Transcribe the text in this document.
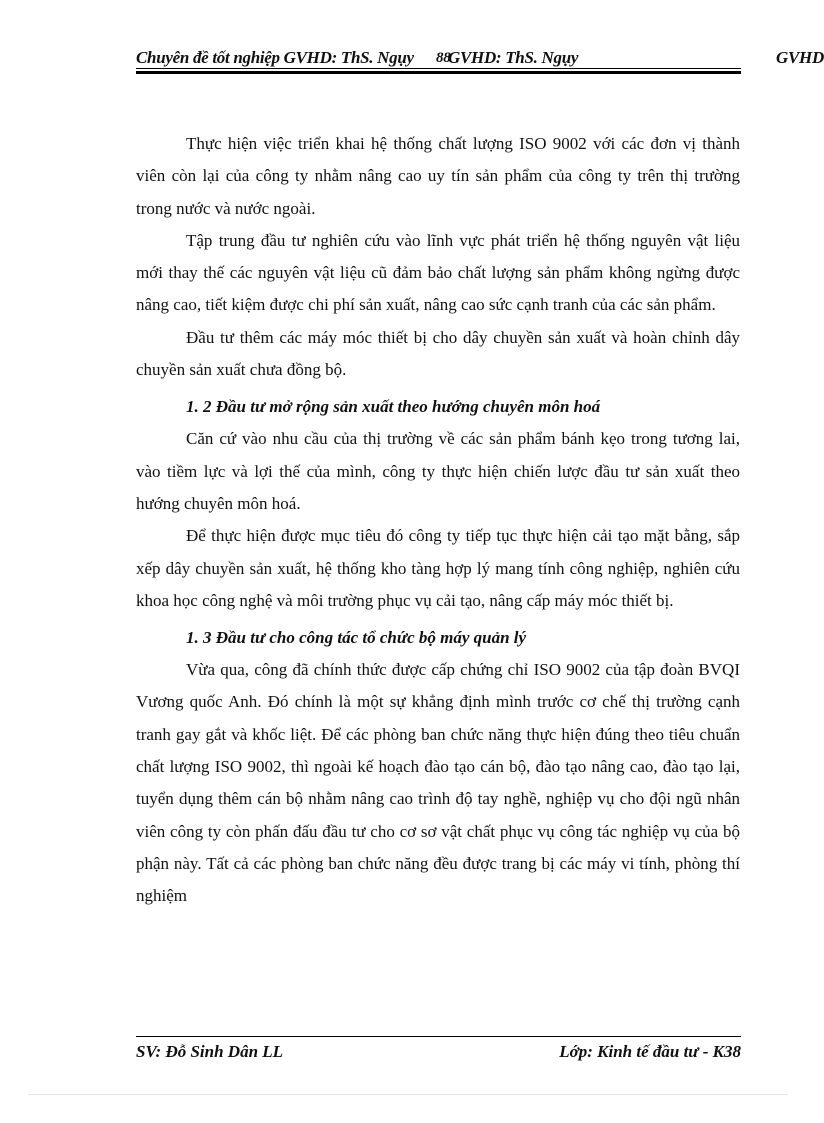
Chuyên đề tốt nghiệp GVHD: ThS. Ngụy 88
GVHD: ThS. Ngụy	GVHD

Thực hiện việc triển khai hệ thống chất lượng ISO 9002 với các đơn vị thành viên còn lại của công ty nhằm nâng cao uy tín sản phẩm của công ty trên thị trường trong nước và nước ngoài.

Tập trung đầu tư nghiên cứu vào lĩnh vực phát triển hệ thống nguyên vật liệu mới thay thế các nguyên vật liệu cũ đảm bảo chất lượng sản phẩm không ngừng được nâng cao, tiết kiệm được chi phí sản xuất, nâng cao sức cạnh tranh của các sản phẩm.

Đầu tư thêm các máy móc thiết bị cho dây chuyền sản xuất và hoàn chỉnh dây chuyền sản xuất chưa đồng bộ.

1. 2 Đầu tư mở rộng sản xuất theo hướng chuyên môn hoá

Căn cứ vào nhu cầu của thị trường về các sản phẩm bánh kẹo trong tương lai, vào tiềm lực và lợi thế của mình, công ty thực hiện chiến lược đầu tư sản xuất theo hướng chuyên môn hoá.

Để thực hiện được mục tiêu đó công ty tiếp tục thực hiện cải tạo mặt bằng, sắp xếp dây chuyền sản xuất, hệ thống kho tàng hợp lý mang tính công nghiệp, nghiên cứu khoa học công nghệ và môi trường phục vụ cải tạo, nâng cấp máy móc thiết bị.

1. 3 Đầu tư cho công tác tổ chức bộ máy quản lý

Vừa qua, công đã chính thức được cấp chứng chỉ ISO 9002 của tập đoàn BVQI Vương quốc Anh. Đó chính là một sự khẳng định mình trước cơ chế thị trường cạnh tranh gay gắt và khốc liệt. Để các phòng ban chức năng thực hiện đúng theo tiêu chuẩn chất lượng ISO 9002, thì ngoài kế hoạch đào tạo cán bộ, đào tạo nâng cao, đào tạo lại, tuyển dụng thêm cán bộ nhằm nâng cao trình độ tay nghề, nghiệp vụ cho đội ngũ nhân viên công ty còn phấn đấu đầu tư cho cơ sơ vật chất phục vụ công tác nghiệp vụ của bộ phận này. Tất cả các phòng ban chức năng đều được trang bị các máy vi tính, phòng thí nghiệm

SV: Đỗ Sinh Dân LL	Lớp: Kinh tế đầu tư - K38
